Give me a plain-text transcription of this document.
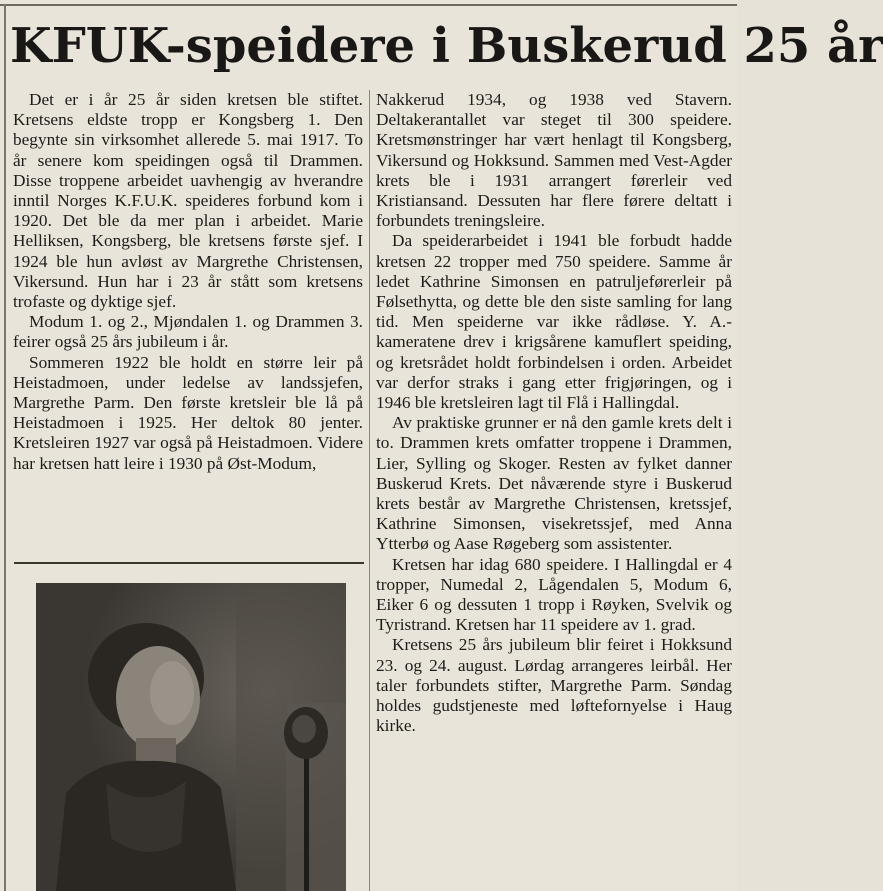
KFUK-speidere i Buskerud 25 år

Det er i år 25 år siden kretsen ble stiftet. Kretsens eldste tropp er Kongsberg 1. Den begynte sin virksomhet allerede 5. mai 1917. To år senere kom speidingen også til Drammen. Disse troppene arbeidet uavhengig av hverandre inntil Norges K.F.U.K. speideres forbund kom i 1920. Det ble da mer plan i arbeidet. Marie Helliksen, Kongsberg, ble kretsens første sjef. I 1924 ble hun avløst av Margrethe Christensen, Vikersund. Hun har i 23 år stått som kretsens trofaste og dyktige sjef.

Modum 1. og 2., Mjøndalen 1. og Drammen 3. feirer også 25 års jubileum i år.

Sommeren 1922 ble holdt en større leir på Heistadmoen, under ledelse av landssjefen, Margrethe Parm. Den første kretsleir ble lå på Heistadmoen i 1925. Her deltok 80 jenter. Kretsleiren 1927 var også på Heistadmoen. Videre har kretsen hatt leire i 1930 på Øst-Modum,

Nakkerud 1934, og 1938 ved Stavern. Deltakerantallet var steget til 300 speidere. Kretsmønstringer har vært henlagt til Kongsberg, Vikersund og Hokksund. Sammen med Vest-Agder krets ble i 1931 arrangert førerleir ved Kristiansand. Dessuten har flere førere deltatt i forbundets treningsleire.

Da speiderarbeidet i 1941 ble forbudt hadde kretsen 22 tropper med 750 speidere. Samme år ledet Kathrine Simonsen en patruljeførerleir på Følsethytta, og dette ble den siste samling for lang tid. Men speiderne var ikke rådløse. Y. A.-kameratene drev i krigsårene kamuflert speiding, og kretsrådet holdt forbindelsen i orden. Arbeidet var derfor straks i gang etter frigjøringen, og i 1946 ble kretsleiren lagt til Flå i Hallingdal.

Av praktiske grunner er nå den gamle krets delt i to. Drammen krets omfatter troppene i Drammen, Lier, Sylling og Skoger. Resten av fylket danner Buskerud Krets. Det nåværende styre i Buskerud krets består av Margrethe Christensen, kretssjef, Kathrine Simonsen, visekretssjef, med Anna Ytterbø og Aase Røgeberg som assistenter.

Kretsen har idag 680 speidere. I Hallingdal er 4 tropper, Numedal 2, Lågendalen 5, Modum 6, Eiker 6 og dessuten 1 tropp i Røyken, Svelvik og Tyristrand. Kretsen har 11 speidere av 1. grad.

Kretsens 25 års jubileum blir feiret i Hokksund 23. og 24. august. Lørdag arrangeres leirbål. Her taler forbundets stifter, Margrethe Parm. Søndag holdes gudstjeneste med løftefornyelse i Haug kirke.
